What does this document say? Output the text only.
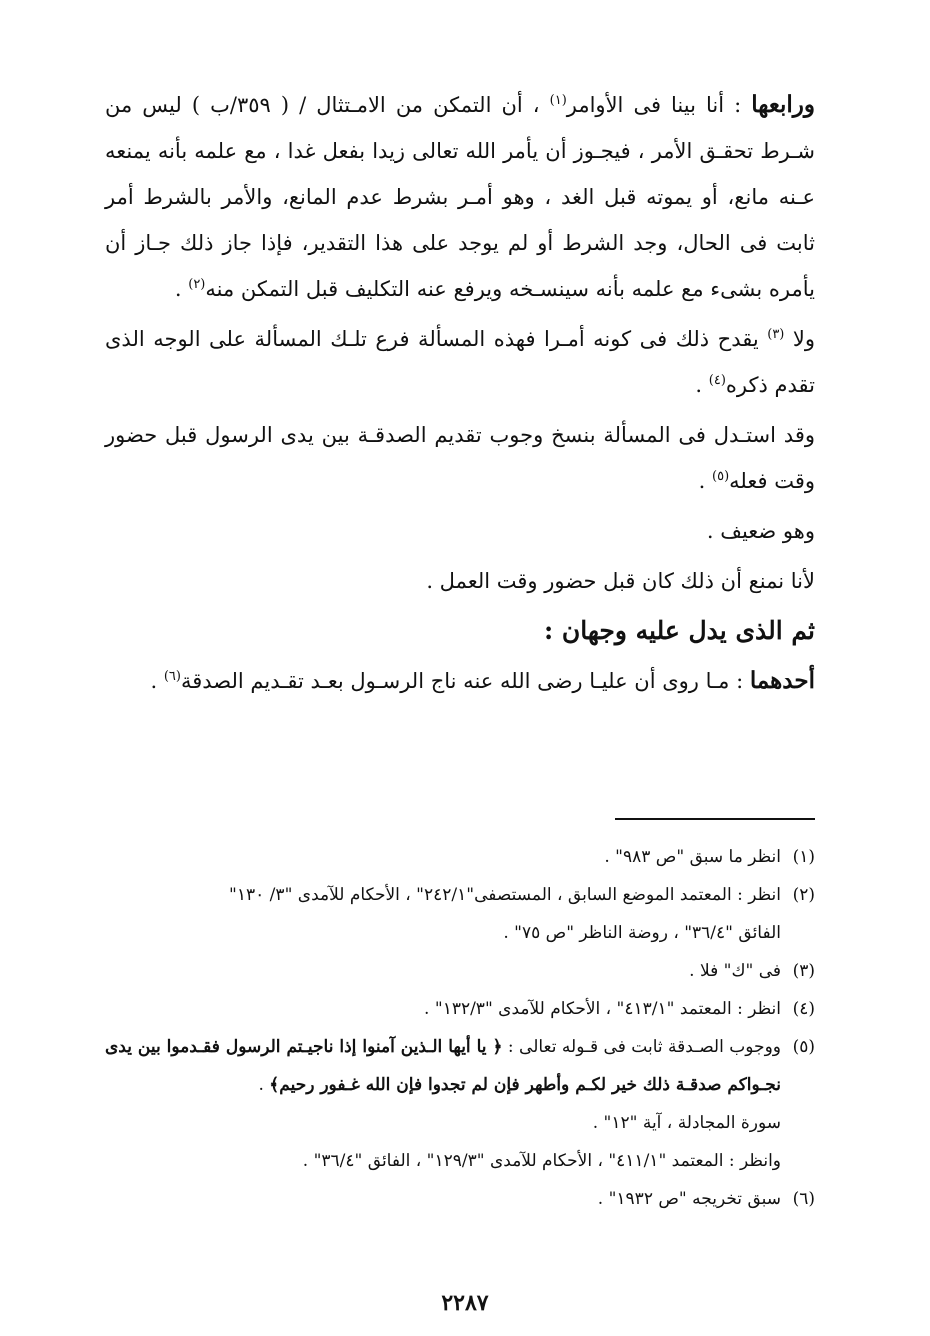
ورابعها : أنا بينا فى الأوامر$^{(١)}$ ، أن التمكن من الامـتثال / ( ٣٥٩/ب ) ليس من شـرط تحقـق الأمر ، فيجـوز أن يأمر الله تعالى زيدا بفعل غدا ، مع علمه بأنه يمنعه عـنه مانع، أو يموته قبل الغد ، وهو أمـر بشرط عدم المانع، والأمر بالشرط أمر ثابت فى الحال، وجد الشرط أو لم يوجد على هذا التقدير، فإذا جاز ذلك جـاز أن يأمره بشىء مع علمه بأنه سينسـخه ويرفع عنه التكليف قبل التمكن منه$^{(٢)}$ .

ولا $^{(٣)}$ يقدح ذلك فى كونه أمـرا فهذه المسألة فرع تلـك المسألة على الوجه الذى تقدم ذكره$^{(٤)}$ .

وقد استـدل فى المسألة بنسخ وجوب تقديم الصدقـة بين يدى الرسول قبل حضور وقت فعله$^{(٥)}$ .

وهو ضعيف .

لأنا نمنع أن ذلك كان قبل حضور وقت العمل .

ثم الذى يدل عليه وجهان :

أحدهما : مـا روى أن عليـا رضى الله عنه ناج الرسـول بعـد تقـديم الصدقة$^{(٦)}$ .

(١)
انظر ما سبق "ص ٩٨٣" .

(٢)
انظر : المعتمد الموضع السابق ، المستصفى"٢٤٢/١" ، الأحكام للآمدى "٣/ ١٣٠"

الفائق "٣٦/٤" ، روضة الناظر "ص ٧٥" .

(٣)
فى "ك" فلا .

(٤)
انظر : المعتمد "٤١٣/١" ، الأحكام للآمدى "١٣٢/٣" .

(٥)
ووجوب الصـدقة ثابت فى قـوله تعالى : ﴿ يا أيها الـذين آمنوا إذا ناجيـتم الرسول فقـدموا بين يدى نجـواكم صدقـة ذلك خير لكـم وأطهر فإن لم تجدوا فإن الله غـفور رحيم﴾ .

سورة المجادلة ، آية "١٢" .

وانظر : المعتمد "٤١١/١" ، الأحكام للآمدى "١٢٩/٣" ، الفائق "٣٦/٤" .

(٦)
سبق تخريجه "ص ١٩٣٢" .

٢٢٨٧
